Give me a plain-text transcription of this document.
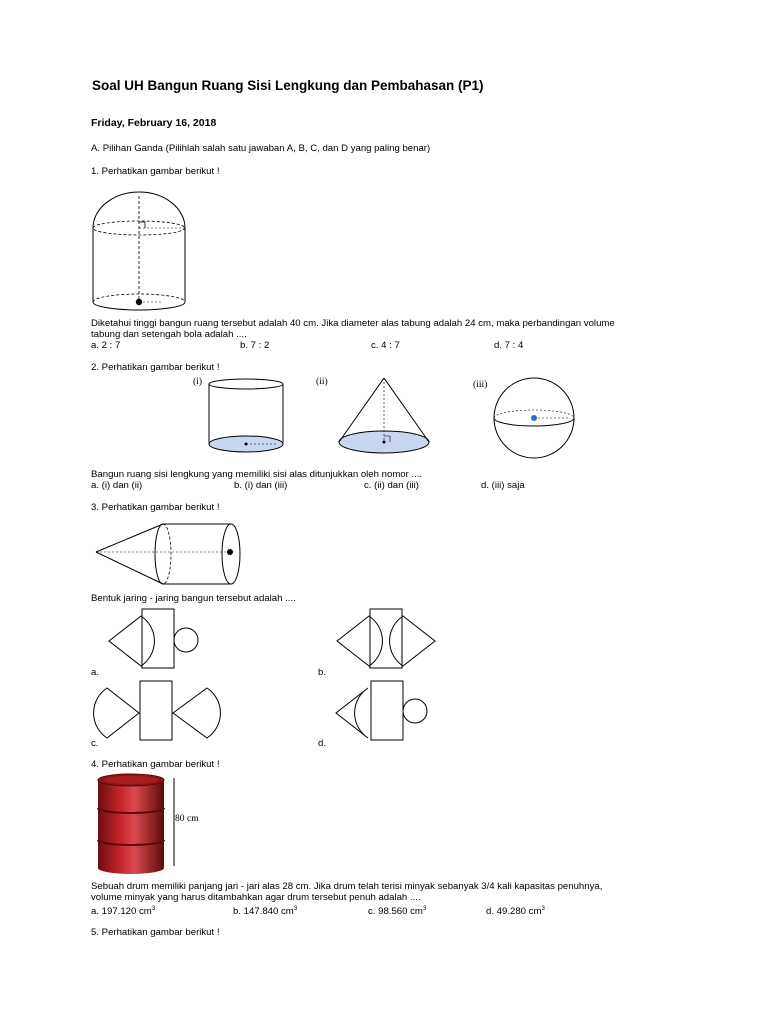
Soal UH Bangun Ruang Sisi Lengkung dan Pembahasan (P1)
Friday, February 16, 2018
A. Pilihan Ganda (Pilihlah salah satu jawaban A, B, C, dan D yang paling benar)
1. Perhatikan gambar berikut !
Diketahui tinggi bangun ruang tersebut adalah 40 cm. Jika diameter alas tabung adalah 24 cm, maka perbandingan volume
tabung dan setengah bola adalah ....
a. 2 : 7	b. 7 : 2	c. 4 : 7	d. 7 : 4
2. Perhatikan gambar berikut !
(i)	(ii)	(iii)
Bangun ruang sisi lengkung yang memiliki sisi alas ditunjukkan oleh nomor ....
a. (i) dan (ii)	b. (i) dan (iii)	c. (ii) dan (iii)	d. (iii) saja
3. Perhatikan gambar berikut !
Bentuk jaring - jaring bangun tersebut adalah ....
a.	b.
c.	d.
4. Perhatikan gambar berikut !
80 cm
Sebuah drum memiliki panjang jari - jari alas 28 cm. Jika drum telah terisi minyak sebanyak 3/4 kali kapasitas penuhnya,
volume minyak yang harus ditambahkan agar drum tersebut penuh adalah ....
a. 197.120 $cm^3$	b. 147.840 $cm^3$	c. 98.560 $cm^3$	d. 49.280 $cm^3$
5. Perhatikan gambar berikut !
